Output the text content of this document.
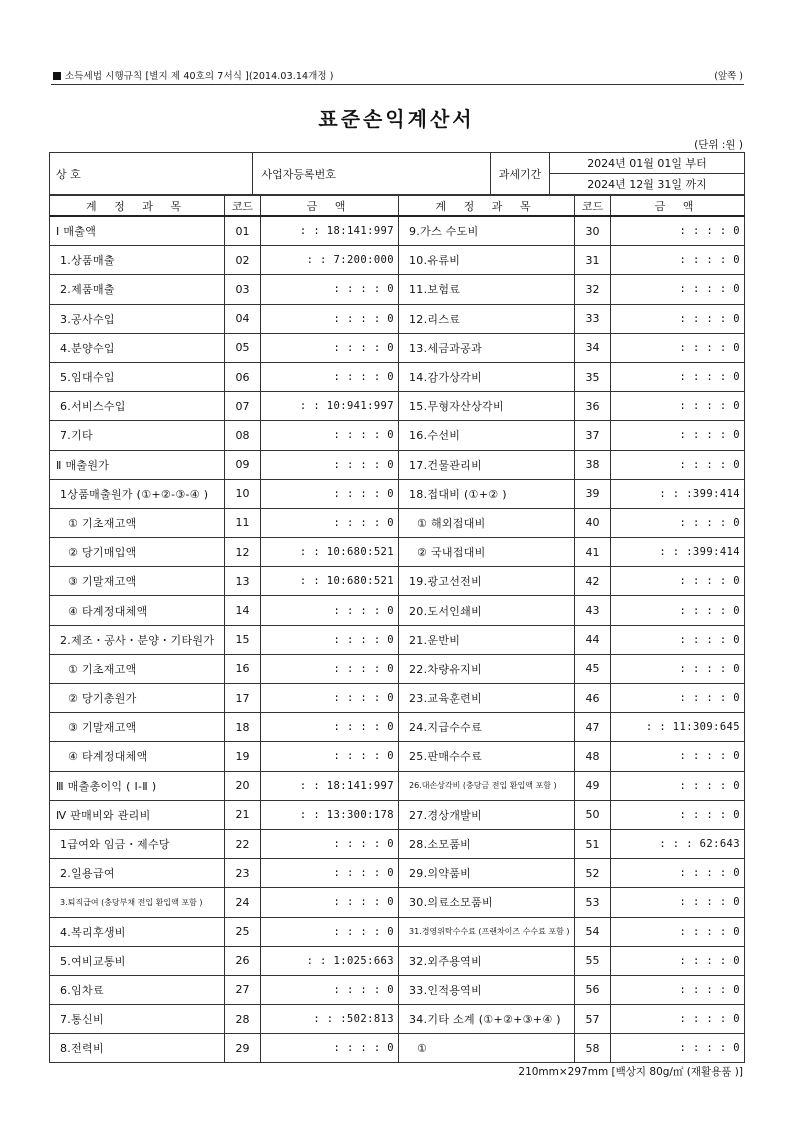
소득세법 시행규칙 [별지 제 40호의 7서식 ](2014.03.14개정 )	(앞쪽 )
표준손익계산서
(단위 :원 )
상 호		사업자등록번호		과세기간	2024년 01월 01일 부터
2024년 12월 31일 까지
계 정 과 목	코드	금 액	계 정 과 목	코드	금 액
Ⅰ 매출액	01	: : 18:141:997	9.가스 수도비	30	: : : : 0
1.상품매출	02	: : 7:200:000	10.유류비	31	: : : : 0
2.제품매출	03	: : : : 0	11.보험료	32	: : : : 0
3.공사수입	04	: : : : 0	12.리스료	33	: : : : 0
4.분양수입	05	: : : : 0	13.세금과공과	34	: : : : 0
5.임대수입	06	: : : : 0	14.감가상각비	35	: : : : 0
6.서비스수입	07	: : 10:941:997	15.무형자산상각비	36	: : : : 0
7.기타	08	: : : : 0	16.수선비	37	: : : : 0
Ⅱ 매출원가	09	: : : : 0	17.건물관리비	38	: : : : 0
1상품매출원가 (①+②-③-④ )	10	: : : : 0	18.접대비 (①+② )	39	: : :399:414
① 기초재고액	11	: : : : 0	① 해외접대비	40	: : : : 0
② 당기매입액	12	: : 10:680:521	② 국내접대비	41	: : :399:414
③ 기말재고액	13	: : 10:680:521	19.광고선전비	42	: : : : 0
④ 타계정대체액	14	: : : : 0	20.도서인쇄비	43	: : : : 0
2.제조・공사・분양・기타원가	15	: : : : 0	21.운반비	44	: : : : 0
① 기초재고액	16	: : : : 0	22.차량유지비	45	: : : : 0
② 당기총원가	17	: : : : 0	23.교육훈련비	46	: : : : 0
③ 기말재고액	18	: : : : 0	24.지급수수료	47	: : 11:309:645
④ 타계정대체액	19	: : : : 0	25.판매수수료	48	: : : : 0
Ⅲ 매출총이익 ( Ⅰ-Ⅱ )	20	: : 18:141:997	26.대손상각비 (충당금 전입 환입액 포함 )	49	: : : : 0
Ⅳ 판매비와 관리비	21	: : 13:300:178	27.경상개발비	50	: : : : 0
1급여와 임금・제수당	22	: : : : 0	28.소모품비	51	: : : 62:643
2.일용급여	23	: : : : 0	29.의약품비	52	: : : : 0
3.퇴직급여 (충당부채 전입 환입액 포함 )	24	: : : : 0	30.의료소모품비	53	: : : : 0
4.복리후생비	25	: : : : 0	31.경영위탁수수료 (프랜차이즈 수수료 포함 )	54	: : : : 0
5.여비교통비	26	: : 1:025:663	32.외주용역비	55	: : : : 0
6.임차료	27	: : : : 0	33.인적용역비	56	: : : : 0
7.통신비	28	: : :502:813	34.기타 소계 (①+②+③+④ )	57	: : : : 0
8.전력비	29	: : : : 0	①	58	: : : : 0
210mm×297mm [백상지 80g/㎡ (재활용품 )]
